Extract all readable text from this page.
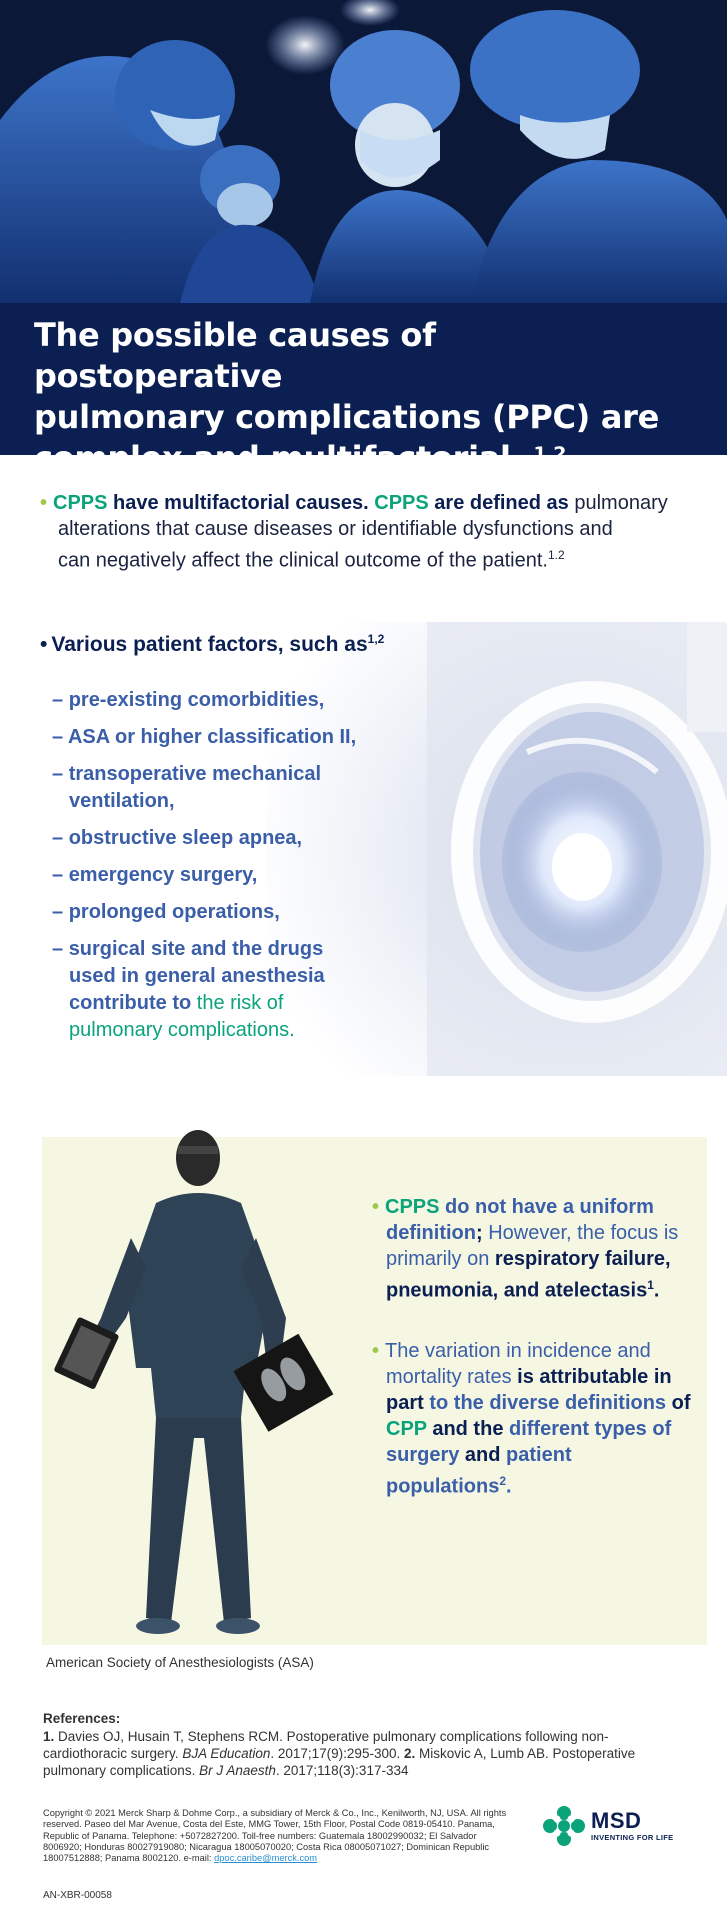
The possible causes of postoperative
pulmonary complications (PPC) are
complex and multifactorial. $^{1.2}$
• CPPS have multifactorial causes. CPPS are defined as pulmonary
alterations that cause diseases or identifiable dysfunctions and
can negatively affect the clinical outcome of the patient.$^{1.2}$
• Various patient factors, such as$^{1,2}$
– pre-existing comorbidities,
– ASA or higher classification II,
– transoperative mechanical ventilation,
– obstructive sleep apnea,
– emergency surgery,
– prolonged operations,
– surgical site and the drugs used in general anesthesia contribute to the risk of pulmonary complications.

• CPPS do not have a uniform definition; However, the focus is primarily on respiratory failure, pneumonia, and atelectasis$^1$.

• The variation in incidence and mortality rates is attributable in part to the diverse definitions of CPP and the different types of surgery and patient populations$^2$.

American Society of Anesthesiologists (ASA)
References:
1. Davies OJ, Husain T, Stephens RCM. Postoperative pulmonary complications following non-cardiothoracic surgery. BJA Education. 2017;17(9):295-300. 2. Miskovic A, Lumb AB. Postoperative pulmonary complications. Br J Anaesth. 2017;118(3):317-334
Copyright © 2021 Merck Sharp & Dohme Corp., a subsidiary of Merck & Co., Inc., Kenilworth, NJ, USA. All rights reserved. Paseo del Mar Avenue, Costa del Este, MMG Tower, 15th Floor, Postal Code 0819-05410. Panama, Republic of Panama. Telephone: +5072827200. Toll-free numbers: Guatemala 18002990032; El Salvador 8006920; Honduras 80027919080; Nicaragua 18005070020; Costa Rica 08005071027; Dominican Republic 18007512888; Panama 8002120. e-mail: dpoc.caribe@merck.com
MSD
INVENTING FOR LIFE
AN-XBR-00058
